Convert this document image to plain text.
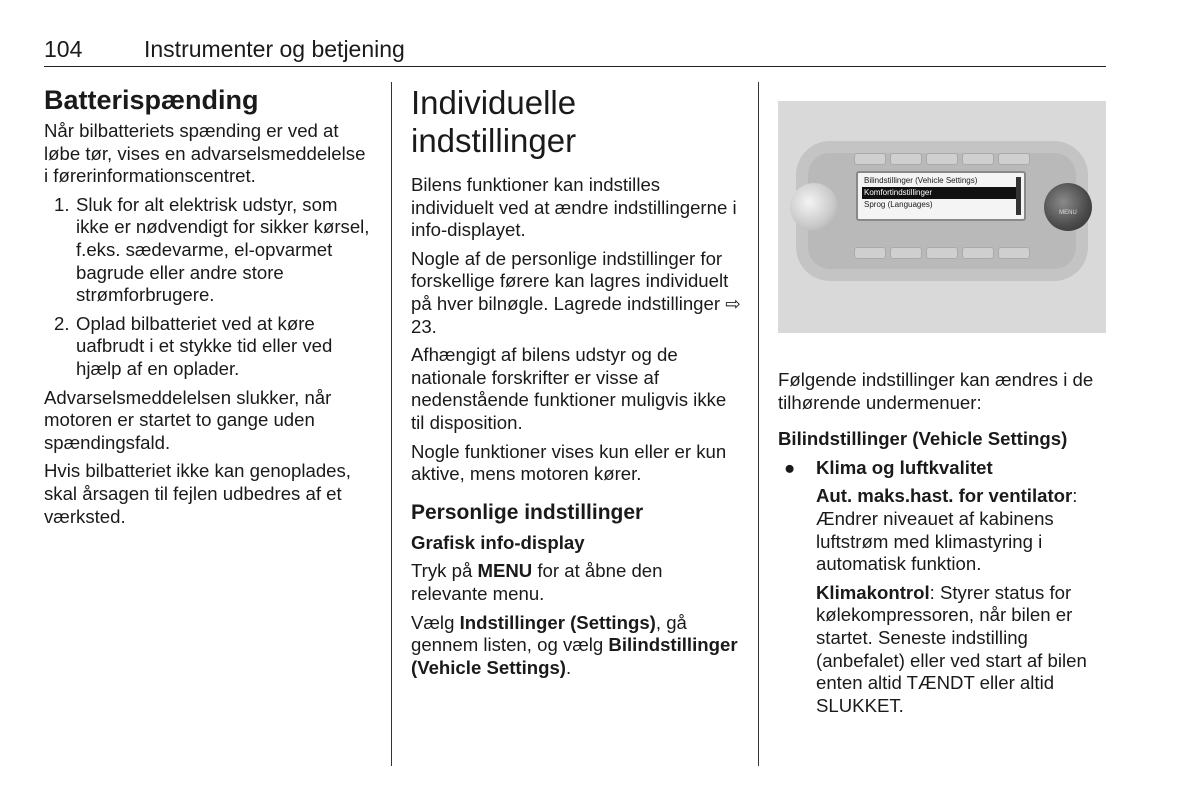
104	Instrumenter og betjening
Batterispænding

Når bilbatteriets spænding er ved at løbe tør, vises en advarselsmeddelelse i førerinformationscentret.

1. Sluk for alt elektrisk udstyr, som ikke er nødvendigt for sikker kørsel, f.eks. sædevarme, el-opvarmet bagrude eller andre store strømforbrugere.
2. Oplad bilbatteriet ved at køre uafbrudt i et stykke tid eller ved hjælp af en oplader.

Advarselsmeddelelsen slukker, når motoren er startet to gange uden spændingsfald.

Hvis bilbatteriet ikke kan genoplades, skal årsagen til fejlen udbedres af et værksted.

Individuelle indstillinger

Bilens funktioner kan indstilles individuelt ved at ændre indstillingerne i info-displayet.

Nogle af de personlige indstillinger for forskellige førere kan lagres individuelt på hver bilnøgle. Lagrede indstillinger ⇨ 23.

Afhængigt af bilens udstyr og de nationale forskrifter er visse af nedenstående funktioner muligvis ikke til disposition.

Nogle funktioner vises kun eller er kun aktive, mens motoren kører.

Personlige indstillinger
Grafisk info-display

Tryk på MENU for at åbne den relevante menu.

Vælg Indstillinger (Settings), gå gennem listen, og vælg Bilindstillinger (Vehicle Settings).

MENU
Bilindstillinger (Vehicle Settings)
Komfortindstillinger
Sprog (Languages)

Følgende indstillinger kan ændres i de tilhørende undermenuer:

Bilindstillinger (Vehicle Settings)

● Klima og luftkvalitet

Aut. maks.hast. for ventilator: Ændrer niveauet af kabinens luftstrøm med klimastyring i automatisk funktion.

Klimakontrol: Styrer status for kølekompressoren, når bilen er startet. Seneste indstilling (anbefalet) eller ved start af bilen enten altid TÆNDT eller altid SLUKKET.
